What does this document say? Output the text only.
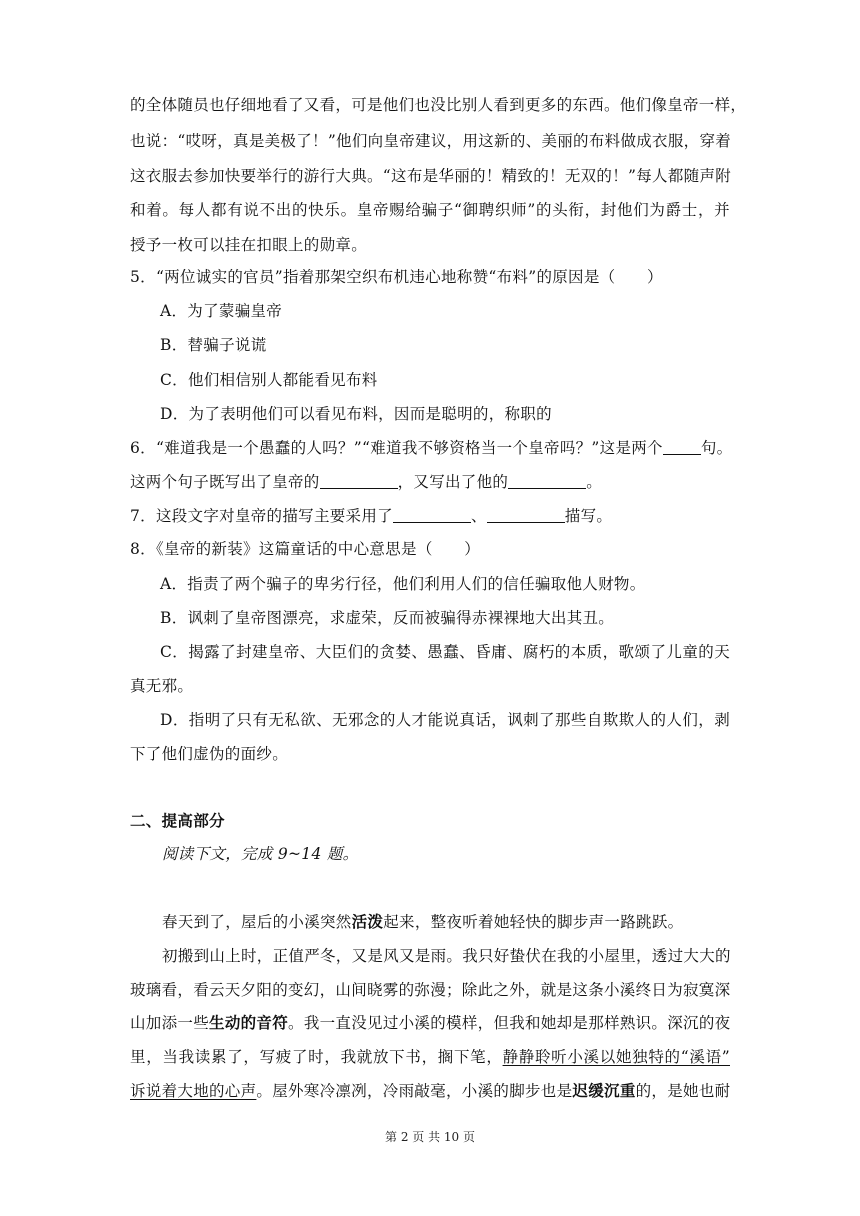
的全体随员也仔细地看了又看，可是他们也没比别人看到更多的东西。他们像皇帝一样，
也说：“哎呀，真是美极了！”他们向皇帝建议，用这新的、美丽的布料做成衣服，穿着
这衣服去参加快要举行的游行大典。“这布是华丽的！精致的！无双的！”每人都随声附
和着。每人都有说不出的快乐。皇帝赐给骗子“御聘织师”的头衔，封他们为爵士，并
授予一枚可以挂在扣眼上的勋章。
5．“两位诚实的官员”指着那架空织布机违心地称赞“布料”的原因是（　　）
A．为了蒙骗皇帝
B．替骗子说谎
C．他们相信别人都能看见布料
D．为了表明他们可以看见布料，因而是聪明的，称职的
6．“难道我是一个愚蠢的人吗？”“难道我不够资格当一个皇帝吗？”这是两个 句。
这两个句子既写出了皇帝的	，又写出了他的	。
7．这段文字对皇帝的描写主要采用了	、	描写。
8．《皇帝的新装》这篇童话的中心意思是（　　）
A．指责了两个骗子的卑劣行径，他们利用人们的信任骗取他人财物。
B．讽刺了皇帝图漂亮，求虚荣，反而被骗得赤裸裸地大出其丑。
C．揭露了封建皇帝、大臣们的贪婪、愚蠢、昏庸、腐朽的本质，歌颂了儿童的天
真无邪。
D．指明了只有无私欲、无邪念的人才能说真话，讽刺了那些自欺欺人的人们，剥
下了他们虚伪的面纱。
二、提高部分
阅读下文，完成 9~14 题。
春天到了，屋后的小溪突然活泼起来，整夜听着她轻快的脚步声一路跳跃。
初搬到山上时，正值严冬，又是风又是雨。我只好蛰伏在我的小屋里，透过大大的
玻璃看，看云天夕阳的变幻，山间晓雾的弥漫；除此之外，就是这条小溪终日为寂寞深
山加添一些生动的音符。我一直没见过小溪的模样，但我和她却是那样熟识。深沉的夜
里，当我读累了，写疲了时，我就放下书，搁下笔，静静聆听小溪以她独特的“溪语”
诉说着大地的心声。屋外寒冷凛冽，冷雨敲毫，小溪的脚步也是迟缓沉重的，是她也耐
第 2 页 共 10 页
